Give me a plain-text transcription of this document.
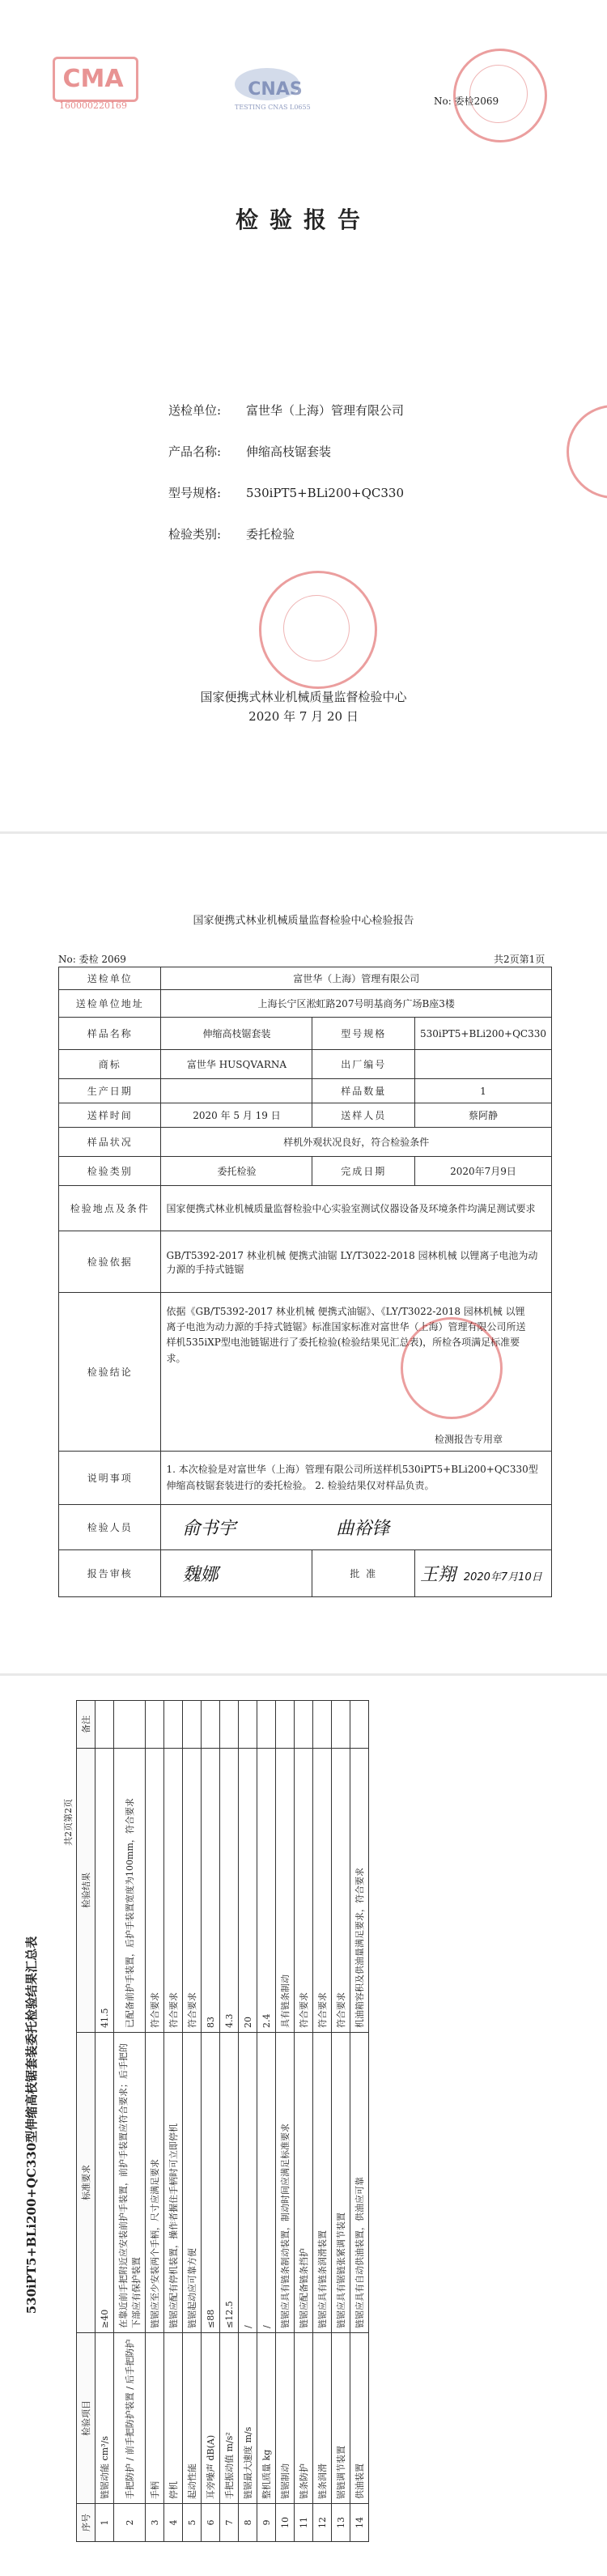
CMA
160000220169
CNAS
TESTING CNAS L0655
No: 委检2069
检验报告
送检单位:	富世华（上海）管理有限公司
产品名称:	伸缩高枝锯套装
型号规格:	530iPT5+BLi200+QC330
检验类别:	委托检验
国家便携式林业机械质量监督检验中心
2020 年 7 月 20 日
国家便携式林业机械质量监督检验中心检验报告
No: 委检 2069	共2页第1页
送检单位	富世华（上海）管理有限公司		
送检单位地址	上海长宁区淞虹路207号明基商务广场B座3楼		
样品名称	伸缩高枝锯套装	型号规格	530iPT5+BLi200+QC330
商标	富世华 HUSQVARNA	出厂编号	
生产日期		样品数量	1
送样时间	2020 年 5 月 19 日	送样人员	蔡阿静
样品状况	样机外观状况良好，符合检验条件		
检验类别	委托检验	完成日期	2020年7月9日
检验地点及条件	国家便携式林业机械质量监督检验中心实验室测试仪器设备及环境条件均满足测试要求		
检验依据	GB/T5392-2017 林业机械 便携式油锯 LY/T3022-2018 园林机械 以锂离子电池为动力源的手持式链锯		
检验结论	依据《GB/T5392-2017 林业机械 便携式油锯》、《LY/T3022-2018 园林机械 以锂离子电池为动力源的手持式链锯》标准国家标准对富世华（上海）管理有限公司所送样机535iXP型电池链锯进行了委托检验(检验结果见汇总表)，所检各项满足标准要求。
检测报告专用章		

说明事项	1. 本次检验是对富世华（上海）管理有限公司所送样机530iPT5+BLi200+QC330型伸缩高枝锯套装进行的委托检验。 2. 检验结果仅对样品负责。		
检验人员	俞书宇 曲裕锋		
报告审核	魏娜	批 准	王翔 2020年7月10日
530iPT5+BLi200+QC330型伸缩高枝锯套装委托检验结果汇总表
共2页第2页
序号	检验项目	标准要求	检验结果	备注
1	链锯动能 cm³/s	≥40	41.5	
2	手把防护 / 前手把防护装置 / 后手把防护	在靠近前手把附近应安装前护手装置，前护手装置应符合要求；后手把的下部应有保护装置	已配备前护手装置，后护手装置宽度为100mm，符合要求	
3	手柄	链锯应至少安装两个手柄，尺寸应满足要求	符合要求	
4	停机	链锯应配有停机装置，操作者握住手柄时可立即停机	符合要求	
5	起动性能	链锯起动应可靠方便	符合要求	
6	耳旁噪声 dB(A)	≤88	83	
7	手把振动值 m/s²	≤12.5	4.3	
8	链锯最大速度 m/s	/	20	
9	整机质量 kg	/	2.4	
10	链锯制动	链锯应具有链条制动装置，制动时间应满足标准要求	具有链条制动	
11	链条防护	链锯应配备链条挡护	符合要求	
12	链条润滑	链锯应具有链条润滑装置	符合要求	
13	锯链调节装置	链锯应具有锯链张紧调节装置	符合要求	
14	供油装置	链锯应具有自动供油装置，供油应可靠	机油箱容积及供油量满足要求，符合要求	
